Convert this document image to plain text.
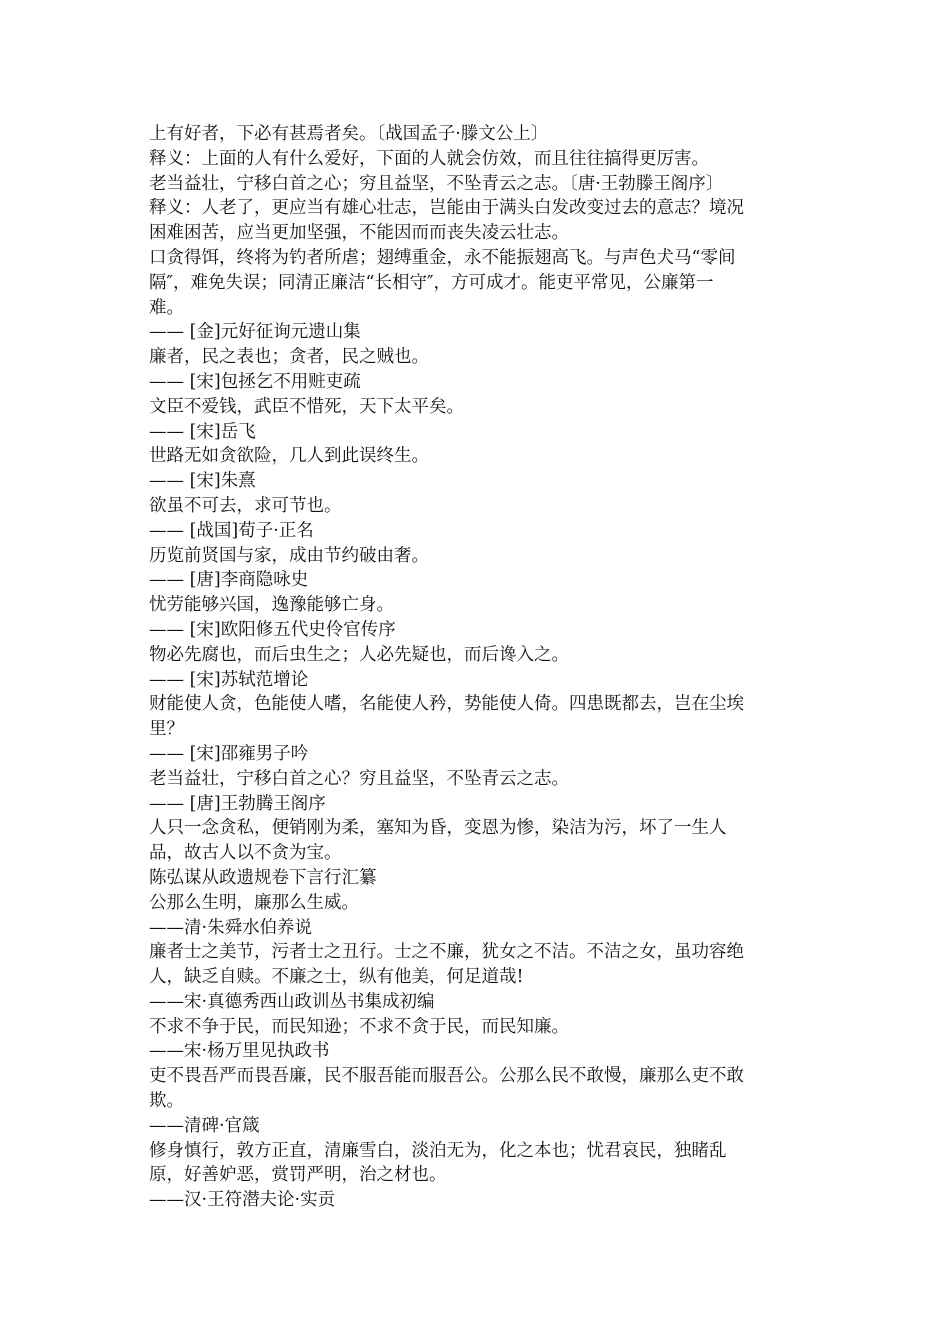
上有好者，下必有甚焉者矣。〔战国孟子·滕文公上〕

释义：上面的人有什么爱好，下面的人就会仿效，而且往往搞得更厉害。

老当益壮，宁移白首之心；穷且益坚，不坠青云之志。〔唐·王勃滕王阁序〕

释义：人老了，更应当有雄心壮志，岂能由于满头白发改变过去的意志？境况

困难困苦，应当更加坚强，不能因而而丧失凌云壮志。

口贪得饵，终将为钓者所虐；翅缚重金，永不能振翅高飞。与声色犬马“零间

隔″，难免失误；同清正廉洁“长相守″，方可成才。能吏平常见，公廉第一

难。

—— [金]元好征询元遗山集

廉者，民之表也；贪者，民之贼也。

—— [宋]包拯乞不用赃吏疏

文臣不爱钱，武臣不惜死，天下太平矣。

—— [宋]岳飞

世路无如贪欲险，几人到此误终生。

—— [宋]朱熹

欲虽不可去，求可节也。

—— [战国]荀子·正名

历览前贤国与家，成由节约破由奢。

—— [唐]李商隐咏史

忧劳能够兴国，逸豫能够亡身。

—— [宋]欧阳修五代史伶官传序

物必先腐也，而后虫生之；人必先疑也，而后谗入之。

—— [宋]苏轼范增论

财能使人贪，色能使人嗜，名能使人矜，势能使人倚。四患既都去，岂在尘埃

里？

—— [宋]邵雍男子吟

老当益壮，宁移白首之心？穷且益坚，不坠青云之志。

—— [唐]王勃腾王阁序

人只一念贪私，便销刚为柔，塞知为昏，变恩为惨，染洁为污，坏了一生人

品，故古人以不贪为宝。

陈弘谋从政遗规卷下言行汇纂

公那么生明，廉那么生威。

——清·朱舜水伯养说

廉者士之美节，污者士之丑行。士之不廉，犹女之不洁。不洁之女，虽功容绝

人，缺乏自赎。不廉之士，纵有他美，何足道哉!

——宋·真德秀西山政训丛书集成初编

不求不争于民，而民知逊；不求不贪于民，而民知廉。

——宋·杨万里见执政书

吏不畏吾严而畏吾廉，民不服吾能而服吾公。公那么民不敢慢，廉那么吏不敢

欺。

——清碑·官箴

修身慎行，敦方正直，清廉雪白，淡泊无为，化之本也；忧君哀民，独睹乱

原，好善妒恶，赏罚严明，治之材也。

——汉·王符潜夫论·实贡
